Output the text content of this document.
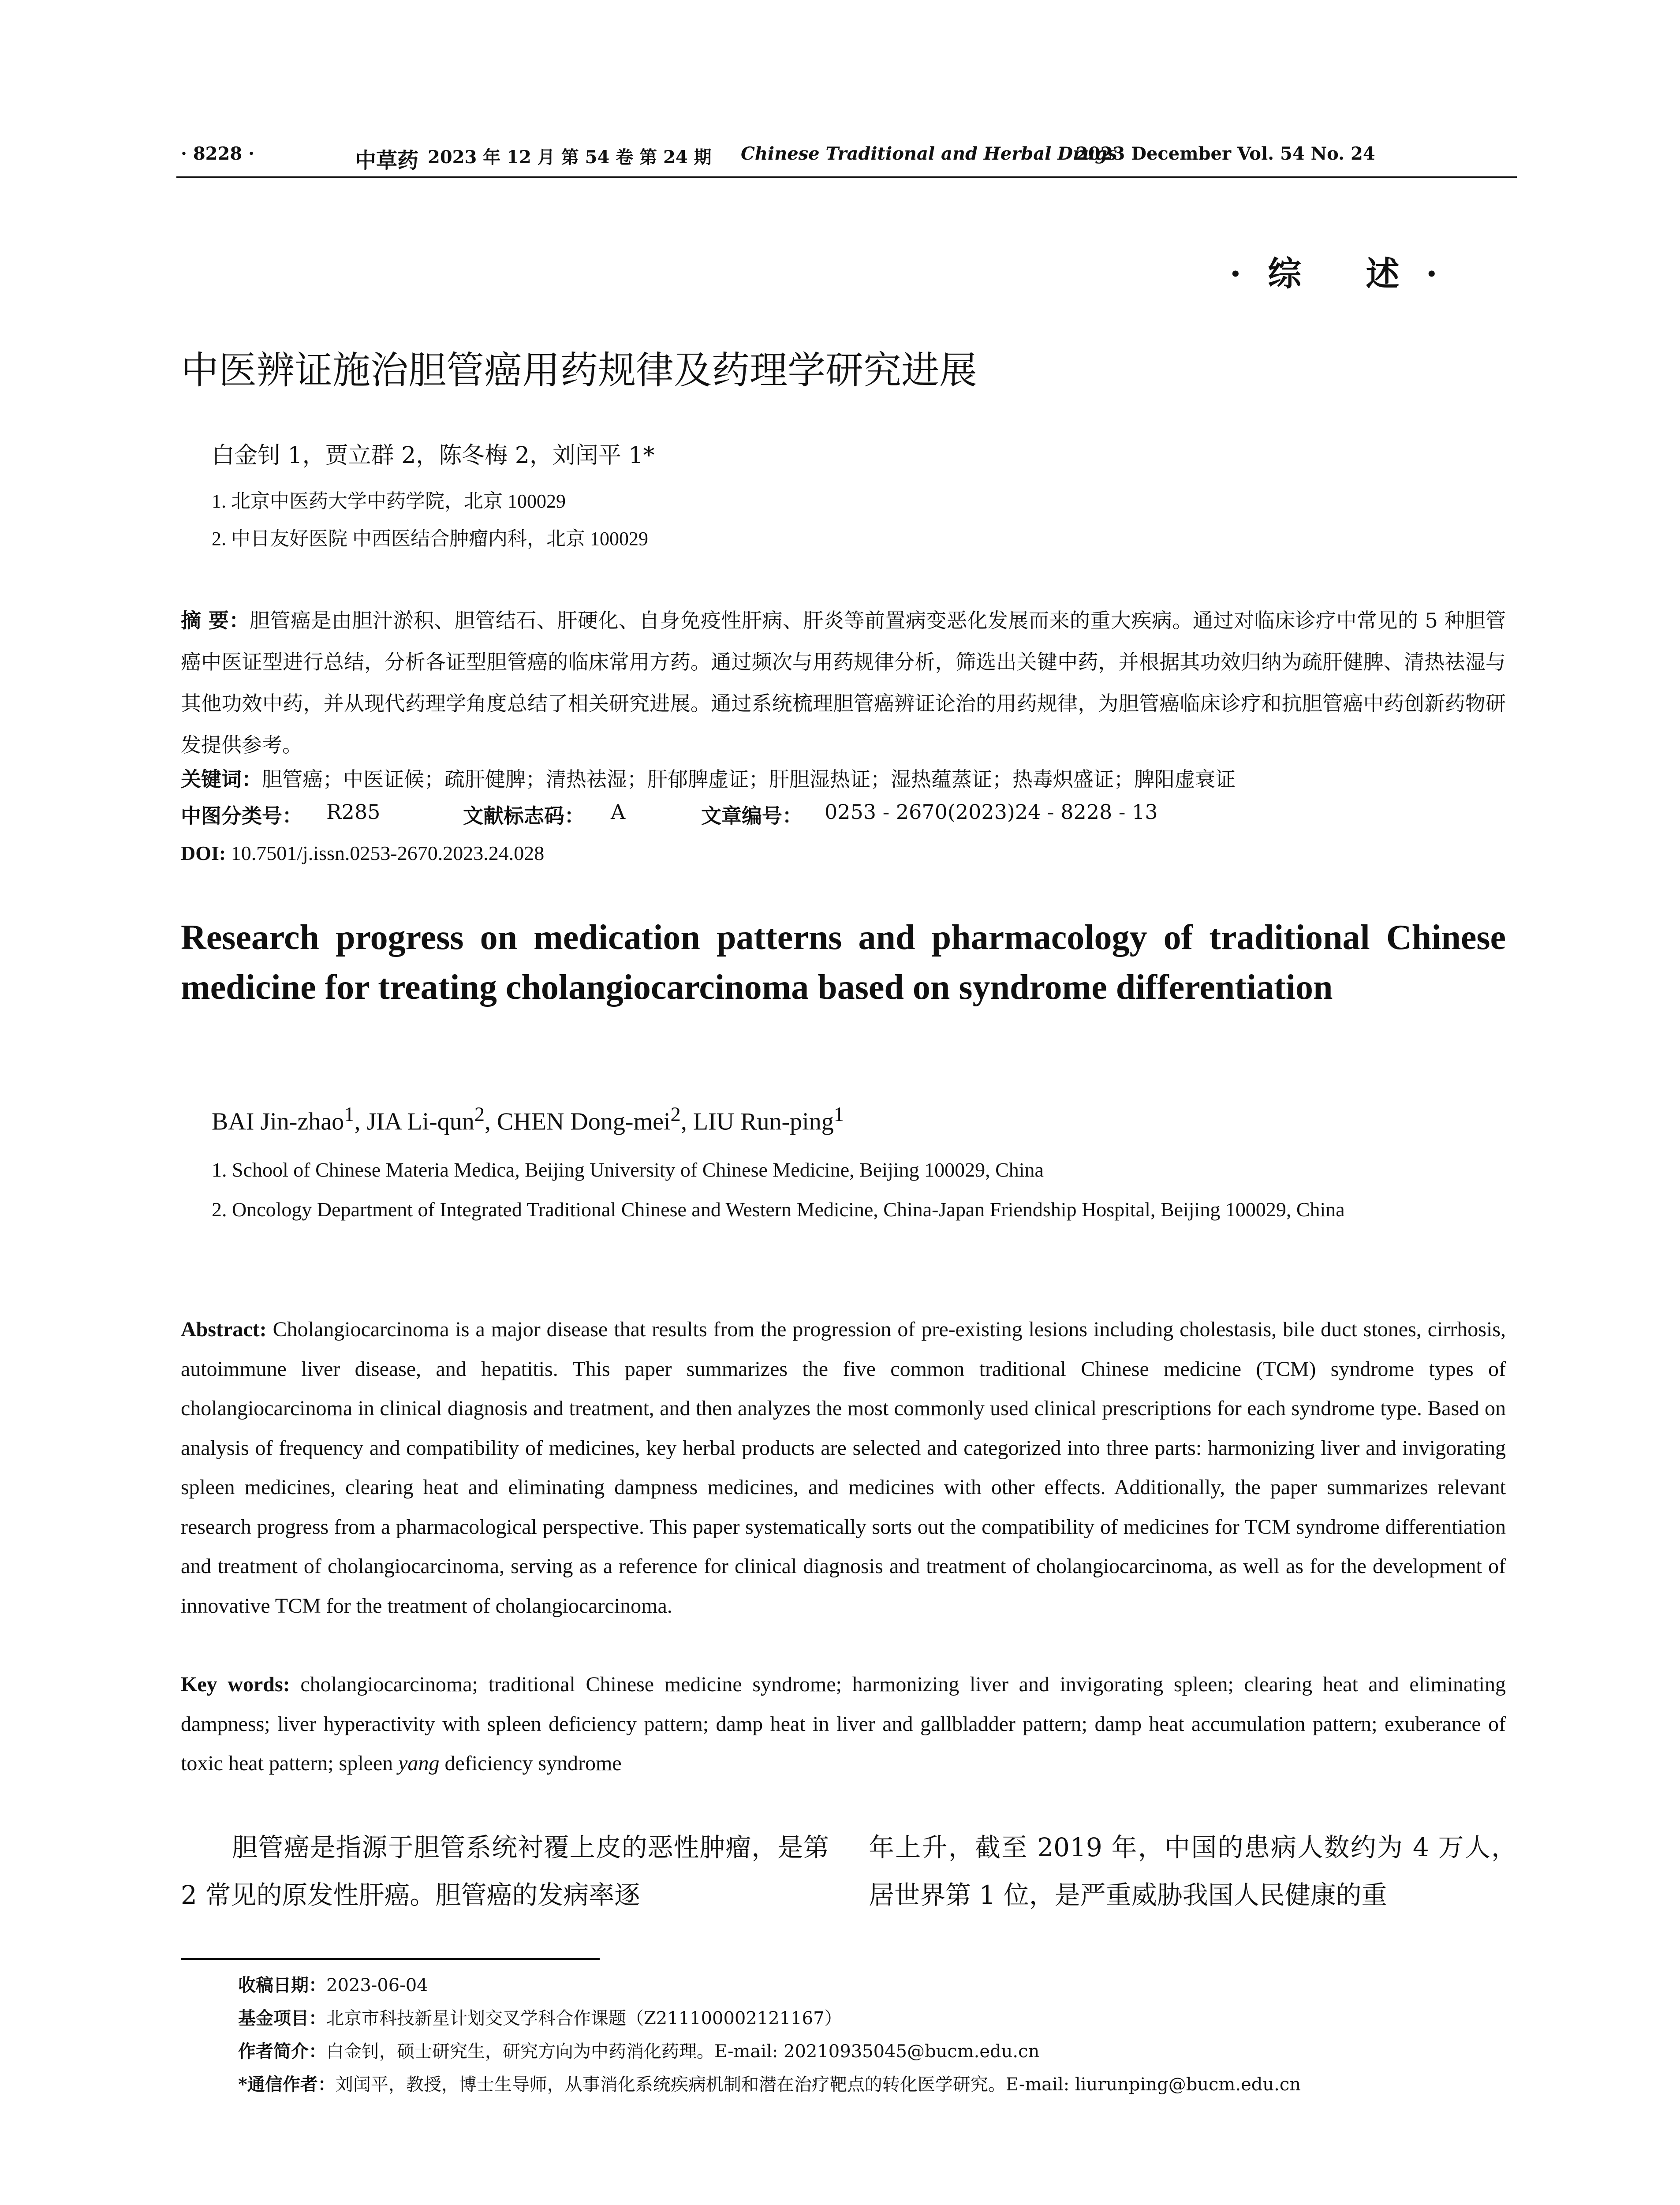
· 8228 ·	中草药 2023 年 12 月 第 54 卷 第 24 期 Chinese Traditional and Herbal Drugs
2023 December Vol. 54 No. 24
·综 述·
中医辨证施治胆管癌用药规律及药理学研究进展
白金钊 1，贾立群 2，陈冬梅 2，刘闰平 1*
1. 北京中医药大学中药学院，北京 100029
2. 中日友好医院 中西医结合肿瘤内科，北京 100029
摘 要：胆管癌是由胆汁淤积、胆管结石、肝硬化、自身免疫性肝病、肝炎等前置病变恶化发展而来的重大疾病。通过对临床诊疗中常见的 5 种胆管癌中医证型进行总结，分析各证型胆管癌的临床常用方药。通过频次与用药规律分析，筛选出关键中药，并根据其功效归纳为疏肝健脾、清热祛湿与其他功效中药，并从现代药理学角度总结了相关研究进展。通过系统梳理胆管癌辨证论治的用药规律，为胆管癌临床诊疗和抗胆管癌中药创新药物研发提供参考。
关键词：胆管癌；中医证候；疏肝健脾；清热祛湿；肝郁脾虚证；肝胆湿热证；湿热蕴蒸证；热毒炽盛证；脾阳虚衰证
中图分类号： R285	文献标志码： A	文章编号： 0253 - 2670(2023)24 - 8228 - 13
DOI: 10.7501/j.issn.0253-2670.2023.24.028
Research progress on medication patterns and pharmacology of traditional Chinese medicine for treating cholangiocarcinoma based on syndrome differentiation
BAI Jin-zhao$^1$, JIA Li-qun$^2$, CHEN Dong-mei$^2$, LIU Run-ping$^1$
1. School of Chinese Materia Medica, Beijing University of Chinese Medicine, Beijing 100029, China
2. Oncology Department of Integrated Traditional Chinese and Western Medicine, China-Japan Friendship Hospital, Beijing 100029, China
Abstract: Cholangiocarcinoma is a major disease that results from the progression of pre-existing lesions including cholestasis, bile duct stones, cirrhosis, autoimmune liver disease, and hepatitis. This paper summarizes the five common traditional Chinese medicine (TCM) syndrome types of cholangiocarcinoma in clinical diagnosis and treatment, and then analyzes the most commonly used clinical prescriptions for each syndrome type. Based on analysis of frequency and compatibility of medicines, key herbal products are selected and categorized into three parts: harmonizing liver and invigorating spleen medicines, clearing heat and eliminating dampness medicines, and medicines with other effects. Additionally, the paper summarizes relevant research progress from a pharmacological perspective. This paper systematically sorts out the compatibility of medicines for TCM syndrome differentiation and treatment of cholangiocarcinoma, serving as a reference for clinical diagnosis and treatment of cholangiocarcinoma, as well as for the development of innovative TCM for the treatment of cholangiocarcinoma.
Key words: cholangiocarcinoma; traditional Chinese medicine syndrome; harmonizing liver and invigorating spleen; clearing heat and eliminating dampness; liver hyperactivity with spleen deficiency pattern; damp heat in liver and gallbladder pattern; damp heat accumulation pattern; exuberance of toxic heat pattern; spleen yang deficiency syndrome
胆管癌是指源于胆管系统衬覆上皮的恶性肿瘤，是第 2 常见的原发性肝癌。胆管癌的发病率逐
年上升，截至 2019 年，中国的患病人数约为 4 万人，居世界第 1 位，是严重威胁我国人民健康的重
收稿日期：2023-06-04
基金项目：北京市科技新星计划交叉学科合作课题（Z211100002121167）
作者简介：白金钊，硕士研究生，研究方向为中药消化药理。E-mail: 20210935045@bucm.edu.cn
*通信作者：刘闰平，教授，博士生导师，从事消化系统疾病机制和潜在治疗靶点的转化医学研究。E-mail: liurunping@bucm.edu.cn
